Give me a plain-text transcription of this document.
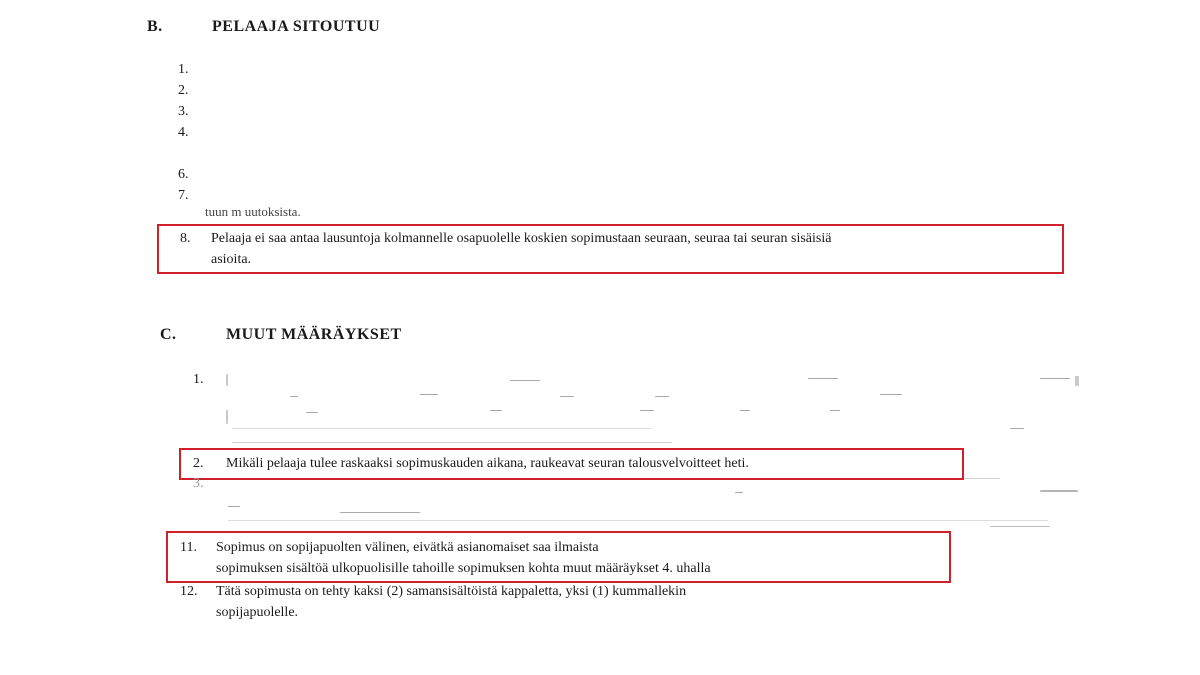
B.	PELAAJA SITOUTUU
1.
2.
3.
4.
6.
7.
tuun m uutoksista.
8. Pelaaja ei saa antaa lausuntoja kolmannelle osapuolelle koskien sopimustaan seuraan, seuraa tai seuran sisäisiä
asioita.
C.	MUUT MÄÄRÄYKSET
1.
2. Mikäli pelaaja tulee raskaaksi sopimuskauden aikana, raukeavat seuran talousvelvoitteet heti.
3.
11. Sopimus on sopijapuolten välinen, eivätkä asianomaiset saa ilmaista
sopimuksen sisältöä ulkopuolisille tahoille sopimuksen kohta muut määräykset 4. uhalla
12. Tätä sopimusta on tehty kaksi (2) samansisältöistä kappaletta, yksi (1) kummallekin
sopijapuolelle.
